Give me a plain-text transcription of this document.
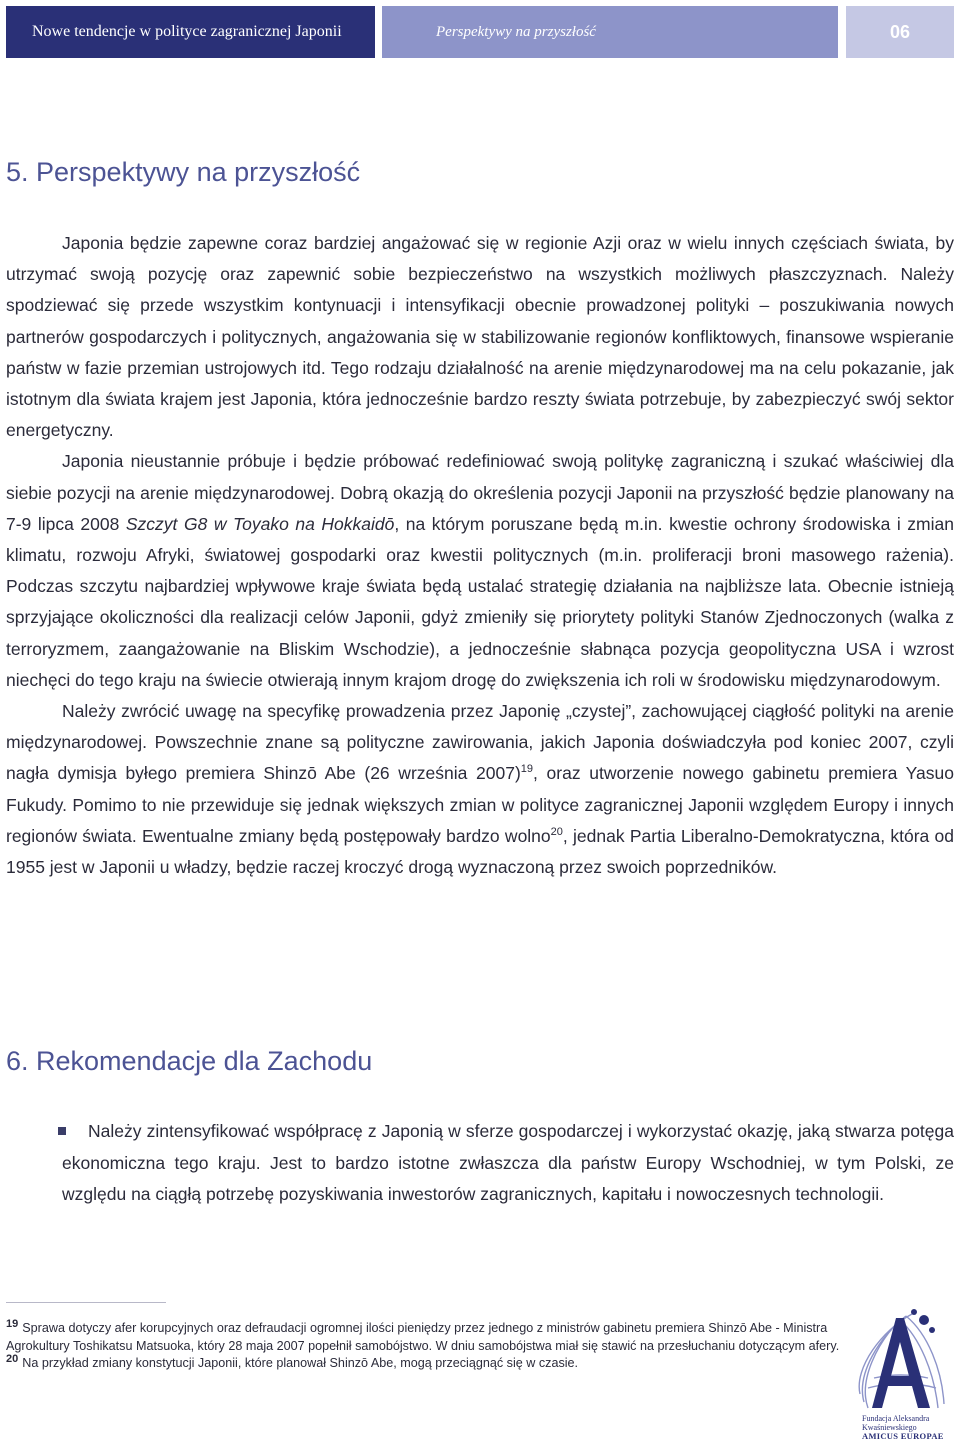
Nowe tendencje w polityce zagranicznej Japonii	Perspektywy na przyszłość	06
5. Perspektywy na przyszłość

Japonia będzie zapewne coraz bardziej angażować się w regionie Azji oraz w wielu innych częściach świata, by utrzymać swoją pozycję oraz zapewnić sobie bezpieczeństwo na wszystkich możliwych płaszczyznach. Należy spodziewać się przede wszystkim kontynuacji i intensyfikacji obecnie prowadzonej polityki – poszukiwania nowych partnerów gospodarczych i politycznych, angażowania się w stabilizowanie regionów konfliktowych, finansowe wspieranie państw w fazie przemian ustrojowych itd. Tego rodzaju działalność na arenie międzynarodowej ma na celu pokazanie, jak istotnym dla świata krajem jest Japonia, która jednocześnie bardzo reszty świata potrzebuje, by zabezpieczyć swój sektor energetyczny.

Japonia nieustannie próbuje i będzie próbować redefiniować swoją politykę zagraniczną i szukać właściwiej dla siebie pozycji na arenie międzynarodowej. Dobrą okazją do określenia pozycji Japonii na przyszłość będzie planowany na 7-9 lipca 2008 Szczyt G8 w Toyako na Hokkaidō, na którym poruszane będą m.in. kwestie ochrony środowiska i zmian klimatu, rozwoju Afryki, światowej gospodarki oraz kwestii politycznych (m.in. proliferacji broni masowego rażenia). Podczas szczytu najbardziej wpływowe kraje świata będą ustalać strategię działania na najbliższe lata. Obecnie istnieją sprzyjające okoliczności dla realizacji celów Japonii, gdyż zmieniły się priorytety polityki Stanów Zjednoczonych (walka z terroryzmem, zaangażowanie na Bliskim Wschodzie), a jednocześnie słabnąca pozycja geopolityczna USA i wzrost niechęci do tego kraju na świecie otwierają innym krajom drogę do zwiększenia ich roli w środowisku międzynarodowym.

Należy zwrócić uwagę na specyfikę prowadzenia przez Japonię „czystej”, zachowującej ciągłość polityki na arenie międzynarodowej. Powszechnie znane są polityczne zawirowania, jakich Japonia doświadczyła pod koniec 2007, czyli nagła dymisja byłego premiera Shinzō Abe (26 września 2007)$^{19}$, oraz utworzenie nowego gabinetu premiera Yasuo Fukudy. Pomimo to nie przewiduje się jednak większych zmian w polityce zagranicznej Japonii względem Europy i innych regionów świata. Ewentualne zmiany będą postępowały bardzo wolno$^{20}$, jednak Partia Liberalno-Demokratyczna, która od 1955 jest w Japonii u władzy, będzie raczej kroczyć drogą wyznaczoną przez swoich poprzedników.

6. Rekomendacje dla Zachodu

Należy zintensyfikować współpracę z Japonią w sferze gospodarczej i wykorzystać okazję, jaką stwarza potęga ekonomiczna tego kraju. Jest to bardzo istotne zwłaszcza dla państw Europy Wschodniej, w tym Polski, ze względu na ciągłą potrzebę pozyskiwania inwestorów zagranicznych, kapitału i nowoczesnych technologii.

19 Sprawa dotyczy afer korupcyjnych oraz defraudacji ogromnej ilości pieniędzy przez jednego z ministrów gabinetu premiera Shinzō Abe - Ministra Agrokultury Toshikatsu Matsuoka, który 28 maja 2007 popełnił samobójstwo. W dniu samobójstwa miał się stawić na przesłuchaniu dotyczącym afery.

20 Na przykład zmiany konstytucji Japonii, które planował Shinzō Abe, mogą przeciągnąć się w czasie.

Fundacja Aleksandra Kwaśniewskiego
AMICUS EUROPAE
